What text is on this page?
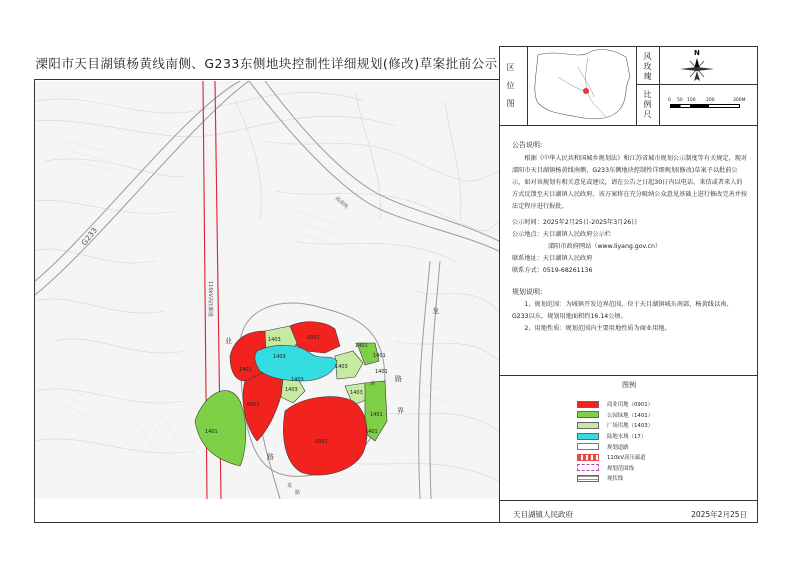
溧阳市天目湖镇杨黄线南侧、G233东侧地块控制性详细规划(修改)草案批前公示
G233
杨黄线
110kV高压廊道
1403	0901
1401
1403
1403
1403
1401
1403
0901
1401
1401
0901
1401
1401
1403
1401
龙
业
路
路
界
湖
龙
路
区位图	风玫瑰	N
比例尺	0 50 100 200	300M

公告说明:

根据《中华人民共和国城乡规划法》和江苏省城市规划公示制度等有关规定，现对溧阳市天目湖镇杨黄线南侧、G233东侧地块控制性详细规划(修改)草案予以批前公示，如对该规划有相关意见或建议，请在公告之日起30日内以电话、来信或者来人的方式反馈至天目湖镇人民政府。该方案将在充分吸纳公众意见基础上进行修改完善并按法定程序进行报批。

公示时间：2025年2月25日-2025年3月26日

公示地点：天目湖镇人民政府公示栏

溧阳市政府网站（www.liyang.gov.cn）

联系地址：天目湖镇人民政府

联系方式：0519-68261136

规划说明：

1、规划范围：为城镇开发边界范围，位于天目湖镇城东南部，杨黄线以南、G233以东，规划用地面积约16.14公顷。

2、用地性质：规划范围内主要用地性质为商业用地。

图例
商业用地（0901）
公园绿地（1401）
广场用地（1403）
陆地水域（17）
规划道路
110kV高压廊道
规划范围线
现状线
天目湖镇人民政府	2025年2月25日
